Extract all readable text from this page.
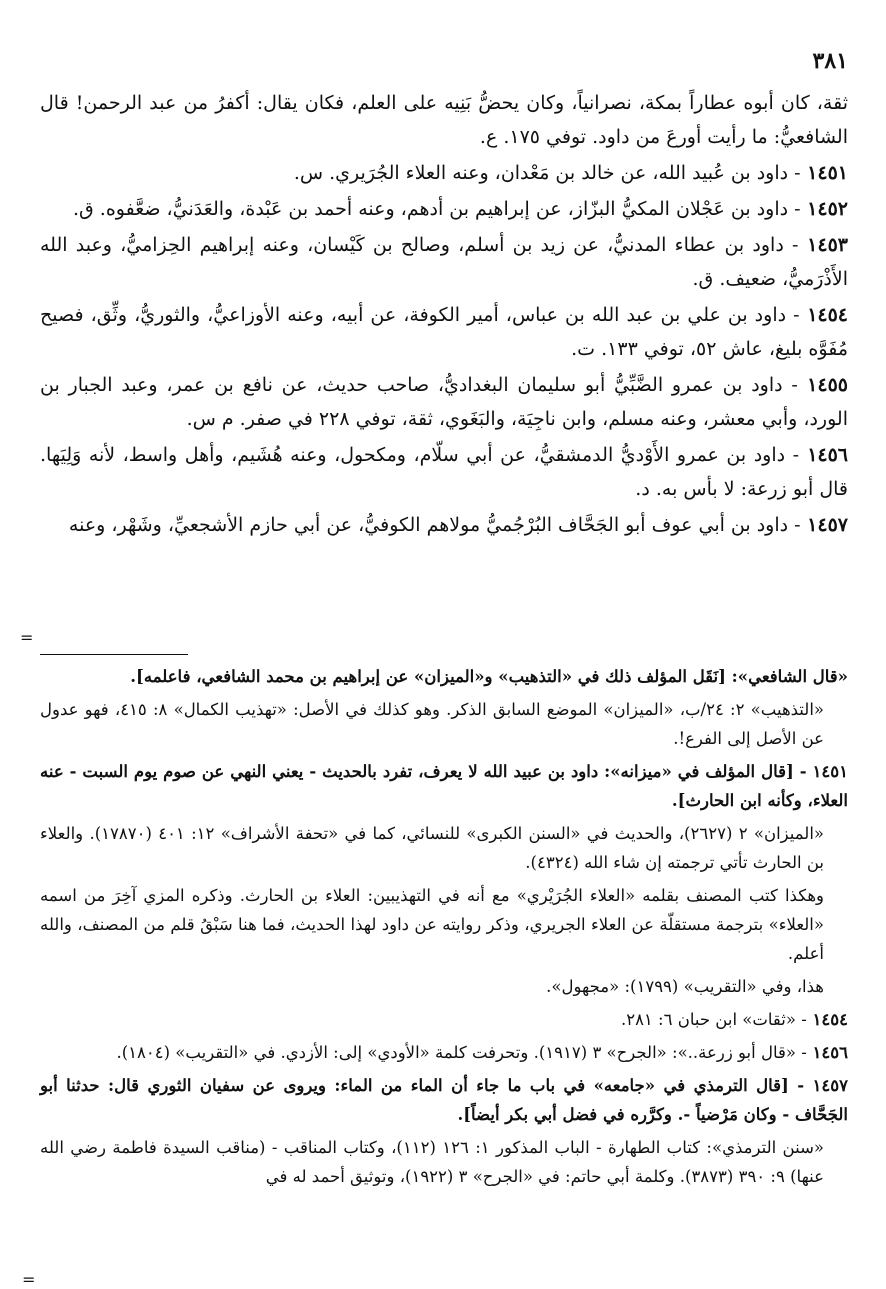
٣٨١

ثقة، كان أبوه عطاراً بمكة، نصرانياً، وكان يحضُّ بَنِيه على العلم، فكان يقال: أكفرُ من عبد الرحمن! قال الشافعيُّ: ما رأيت أورعَ من داود. توفي ١٧٥. ع.

١٤٥١ - داود بن عُبيد الله، عن خالد بن مَعْدان، وعنه العلاء الجُرَيري. س.

١٤٥٢ - داود بن عَجْلان المكيُّ البزّاز، عن إبراهيم بن أدهم، وعنه أحمد بن عَبْدة، والعَدَنيُّ، ضعَّفوه. ق.

١٤٥٣ - داود بن عطاء المدنيُّ، عن زيد بن أسلم، وصالح بن كَيْسان، وعنه إبراهيم الحِزاميُّ، وعبد الله الأَذْرَميُّ، ضعيف. ق.

١٤٥٤ - داود بن علي بن عبد الله بن عباس، أمير الكوفة، عن أبيه، وعنه الأوزاعيُّ، والثوريُّ، وثِّق، فصيح مُفَوَّه بليغ، عاش ٥٢، توفي ١٣٣. ت.

١٤٥٥ - داود بن عمرو الضَّبِّيُّ أبو سليمان البغداديُّ، صاحب حديث، عن نافع بن عمر، وعبد الجبار بن الورد، وأبي معشر، وعنه مسلم، وابن ناجِيَة، والبَغَوي، ثقة، توفي ٢٢٨ في صفر. م س.

١٤٥٦ - داود بن عمرو الأَوْديُّ الدمشقيُّ، عن أبي سلّام، ومكحول، وعنه هُشَيم، وأهل واسط، لأنه وَلِيَها. قال أبو زرعة: لا بأس به. د.

١٤٥٧ - داود بن أبي عوف أبو الجَحَّاف البُرْجُميُّ مولاهم الكوفيُّ، عن أبي حازم الأشجعيِّ، وشَهْر، وعنه

=

«قال الشافعي»: [نَقَل المؤلف ذلك في «التذهيب» و«الميزان» عن إبراهيم بن محمد الشافعي، فاعلمه].

«التذهيب» ٢: ٢٤/ب، «الميزان» الموضع السابق الذكر. وهو كذلك في الأصل: «تهذيب الكمال» ٨: ٤١٥، فهو عدول عن الأصل إلى الفرع!.

١٤٥١ - [قال المؤلف في «ميزانه»: داود بن عبيد الله لا يعرف، تفرد بالحديث - يعني النهي عن صوم يوم السبت - عنه العلاء، وكأنه ابن الحارث].

«الميزان» ٢ (٢٦٢٧)، والحديث في «السنن الكبرى» للنسائي، كما في «تحفة الأشراف» ١٢: ٤٠١ (١٧٨٧٠). والعلاء بن الحارث تأتي ترجمته إن شاء الله (٤٣٢٤).

وهكذا كتب المصنف بقلمه «العلاء الجُرَيْري» مع أنه في التهذيبين: العلاء بن الحارث. وذكره المزي آخِرَ من اسمه «العلاء» بترجمة مستقلّة عن العلاء الجريري، وذكر روايته عن داود لهذا الحديث، فما هنا سَبْقُ قلم من المصنف، والله أعلم.

هذا، وفي «التقريب» (١٧٩٩): «مجهول».

١٤٥٤ - «ثقات» ابن حبان ٦: ٢٨١.

١٤٥٦ - «قال أبو زرعة..»: «الجرح» ٣ (١٩١٧). وتحرفت كلمة «الأودي» إلى: الأزدي. في «التقريب» (١٨٠٤).

١٤٥٧ - [قال الترمذي في «جامعه» في باب ما جاء أن الماء من الماء: ويروى عن سفيان الثوري قال: حدثنا أبو الجَحَّاف - وكان مَرْضياً -. وكرَّره في فضل أبي بكر أيضاً].

«سنن الترمذي»: كتاب الطهارة - الباب المذكور ١: ١٢٦ (١١٢)، وكتاب المناقب - (مناقب السيدة فاطمة رضي الله عنها) ٩: ٣٩٠ (٣٨٧٣). وكلمة أبي حاتم: في «الجرح» ٣ (١٩٢٢)، وتوثيق أحمد له في

=
